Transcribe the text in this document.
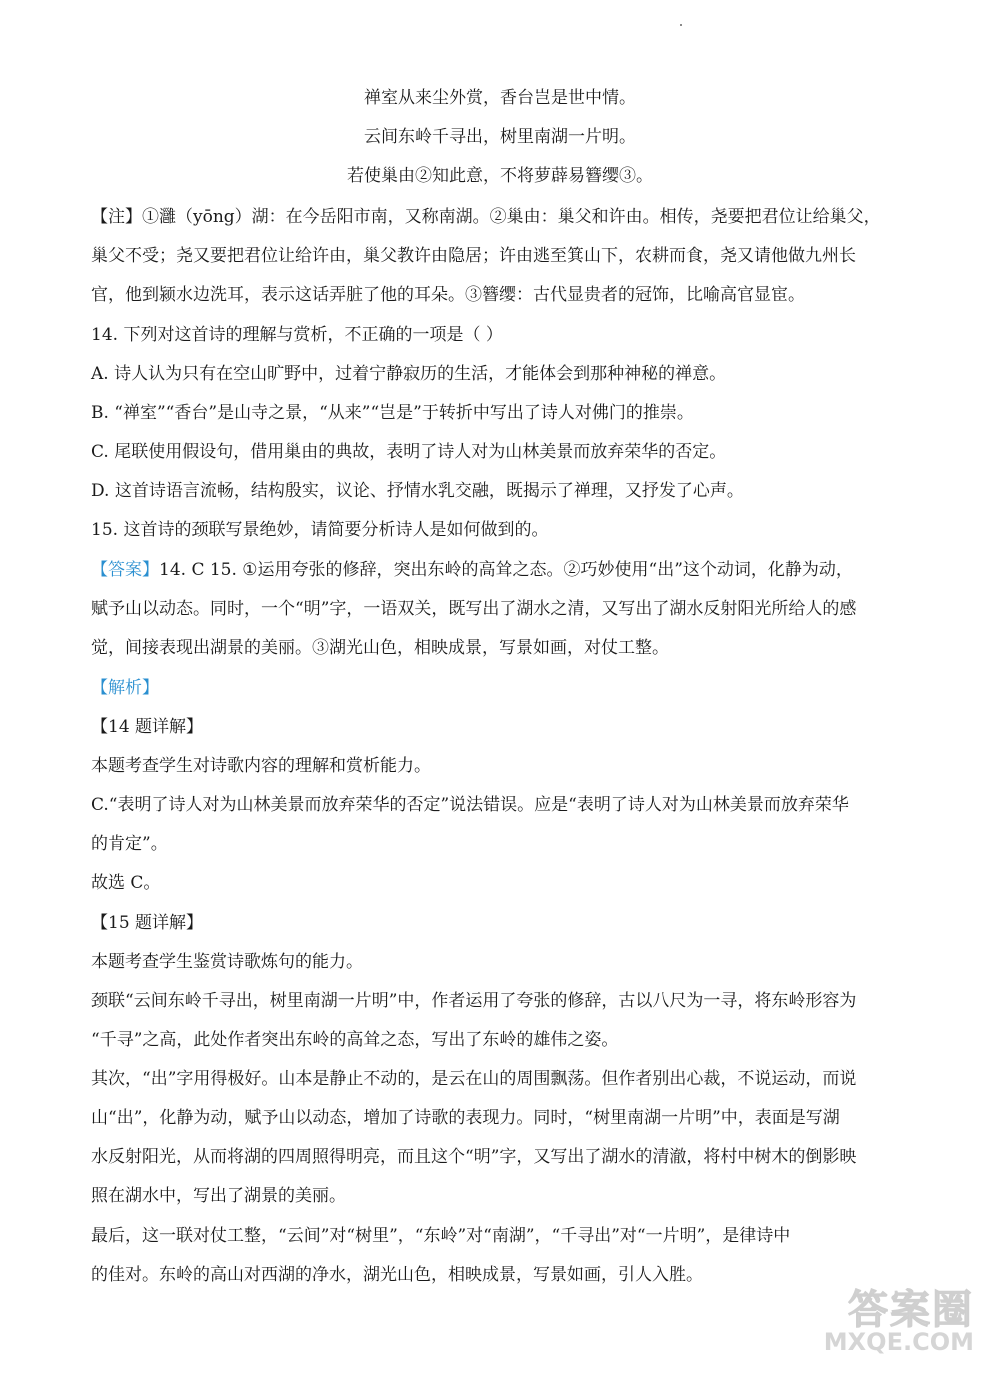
禅室从来尘外赏，香台岂是世中情。
云间东岭千寻出，树里南湖一片明。
若使巢由②知此意，不将萝薜易簪缨③。
【注】①灉（yōng）湖：在今岳阳市南，又称南湖。②巢由：巢父和许由。相传，尧要把君位让给巢父，
巢父不受；尧又要把君位让给许由，巢父教许由隐居；许由逃至箕山下，农耕而食，尧又请他做九州长
官，他到颍水边洗耳，表示这话弄脏了他的耳朵。③簪缨：古代显贵者的冠饰，比喻高官显宦。
14. 下列对这首诗的理解与赏析，不正确的一项是（ ）
A. 诗人认为只有在空山旷野中，过着宁静寂历的生活，才能体会到那种神秘的禅意。
B. “禅室”“香台”是山寺之景，“从来”“岂是”于转折中写出了诗人对佛门的推崇。
C. 尾联使用假设句，借用巢由的典故，表明了诗人对为山林美景而放弃荣华的否定。
D. 这首诗语言流畅，结构殷实，议论、抒情水乳交融，既揭示了禅理，又抒发了心声。
15. 这首诗的颈联写景绝妙，请简要分析诗人是如何做到的。
【答案】14. C 15. ①运用夸张的修辞，突出东岭的高耸之态。②巧妙使用“出”这个动词，化静为动，
赋予山以动态。同时，一个“明”字，一语双关，既写出了湖水之清，又写出了湖水反射阳光所给人的感
觉，间接表现出湖景的美丽。③湖光山色，相映成景，写景如画，对仗工整。
【解析】
【14 题详解】
本题考查学生对诗歌内容的理解和赏析能力。
C.“表明了诗人对为山林美景而放弃荣华的否定”说法错误。应是“表明了诗人对为山林美景而放弃荣华
的肯定”。
故选 C。
【15 题详解】
本题考查学生鉴赏诗歌炼句的能力。
颈联“云间东岭千寻出，树里南湖一片明”中，作者运用了夸张的修辞，古以八尺为一寻，将东岭形容为
“千寻”之高，此处作者突出东岭的高耸之态，写出了东岭的雄伟之姿。
其次，“出”字用得极好。山本是静止不动的，是云在山的周围飘荡。但作者别出心裁，不说运动，而说
山“出”，化静为动，赋予山以动态，增加了诗歌的表现力。同时，“树里南湖一片明”中，表面是写湖
水反射阳光，从而将湖的四周照得明亮，而且这个“明”字，又写出了湖水的清澈，将村中树木的倒影映
照在湖水中，写出了湖景的美丽。
最后，这一联对仗工整，“云间”对“树里”，“东岭”对“南湖”，“千寻出”对“一片明”，是律诗中
的佳对。东岭的高山对西湖的净水，湖光山色，相映成景，写景如画，引人入胜。
答案圈
MXQE.COM
